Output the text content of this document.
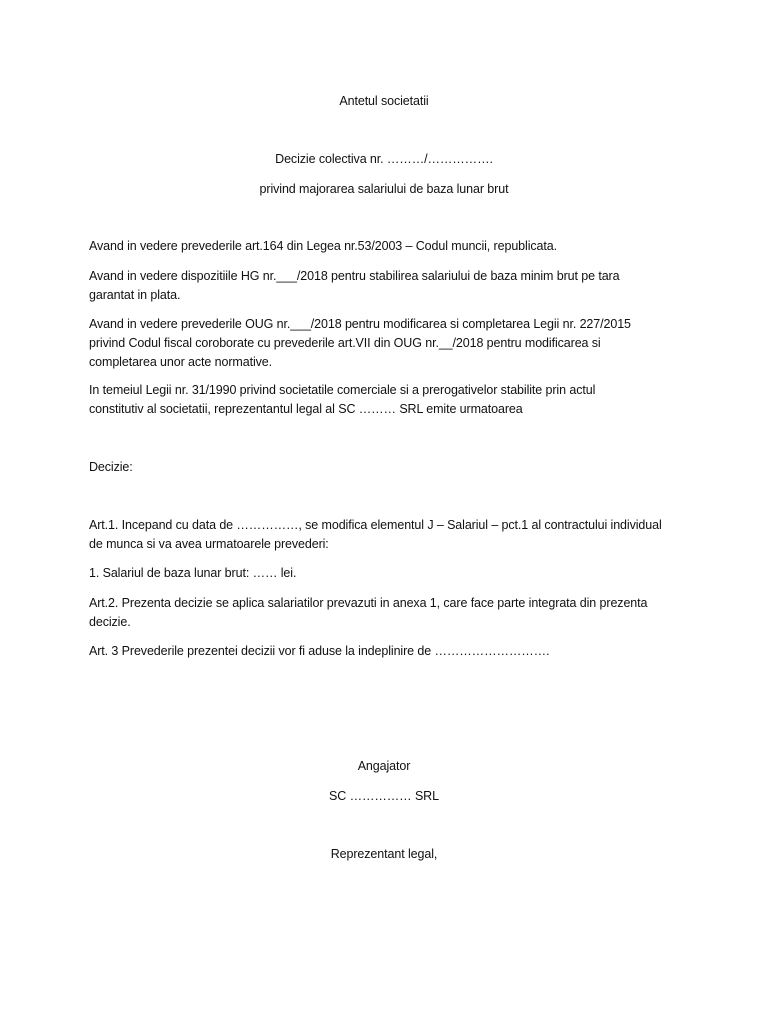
Antetul societatii
Decizie colectiva nr. ………/…………….
privind majorarea salariului de baza lunar brut
Avand in vedere prevederile art.164 din Legea nr.53/2003 – Codul muncii, republicata.
Avand in vedere dispozitiile HG nr.___/2018 pentru stabilirea salariului de baza minim brut pe tara
garantat in plata.
Avand in vedere prevederile OUG nr.___/2018 pentru modificarea si completarea Legii nr. 227/2015
privind Codul fiscal coroborate cu prevederile art.VII din OUG nr.__/2018 pentru modificarea si
completarea unor acte normative.
In temeiul Legii nr. 31/1990 privind societatile comerciale si a prerogativelor stabilite prin actul
constitutiv al societatii, reprezentantul legal al SC ……… SRL emite urmatoarea
Decizie:
Art.1. Incepand cu data de ……………, se modifica elementul J – Salariul – pct.1 al contractului individual
de munca si va avea urmatoarele prevederi:
1. Salariul de baza lunar brut: …… lei.
Art.2. Prezenta decizie se aplica salariatilor prevazuti in anexa 1, care face parte integrata din prezenta
decizie.
Art. 3 Prevederile prezentei decizii vor fi aduse la indeplinire de ……………………….
Angajator
SC …………… SRL
Reprezentant legal,
